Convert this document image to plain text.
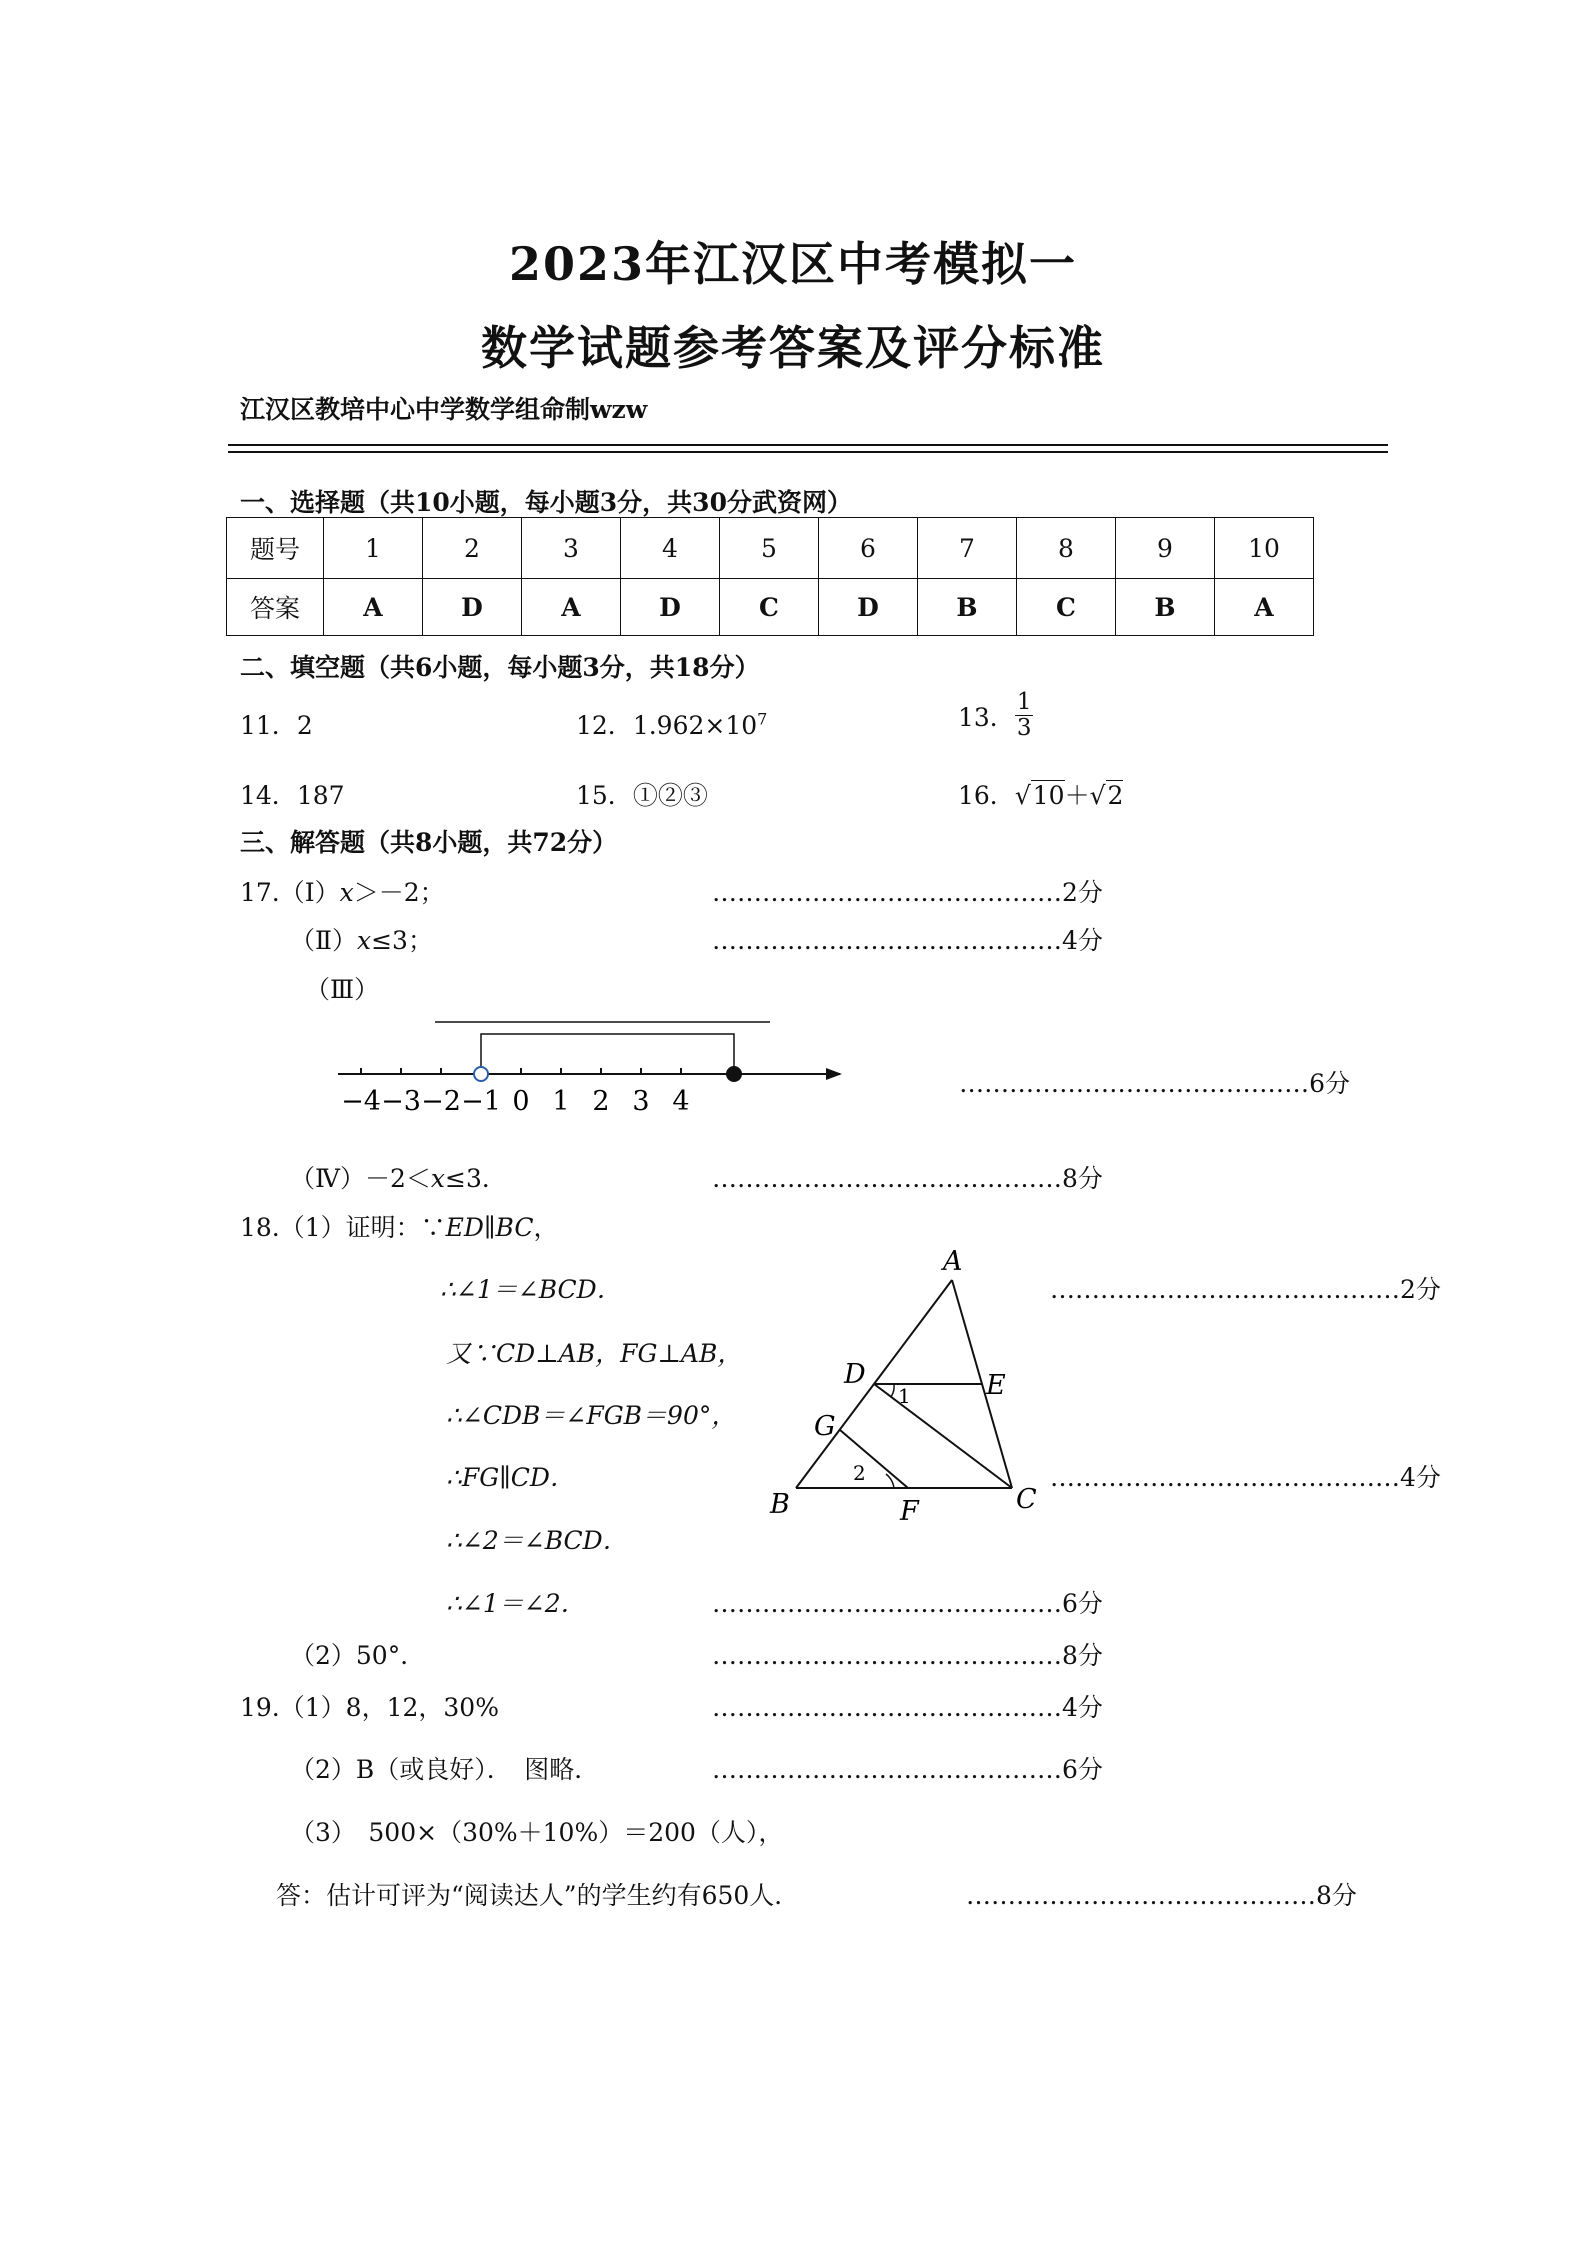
2023年江汉区中考模拟一
数学试题参考答案及评分标准
江汉区教培中心中学数学组命制wzw
一、选择题（共10小题，每小题3分，共30分武资网）
题号	1	2	3	4	5	6	7	8	9	10
答案	A	D	A	D	C	D	B	C	B	A
二、填空题（共6小题，每小题3分，共18分）
11．2	12．$1.962\times 10^7$	13． $\frac{1}{3}$
14．187	15．①②③	16．√10＋√2
三、解答题（共8小题，共72分）
17.（Ⅰ）x＞－2；
（Ⅱ）x≤3；
（Ⅲ）
−4 −3 −2 −1 0 1 2 3 4
（Ⅳ）－2＜x≤3．
18.（1）证明：∵ED∥BC，
∴∠1＝∠BCD．
又∵CD⊥AB，FG⊥AB，
∴∠CDB＝∠FGB＝90°，
∴FG∥CD．
∴∠2＝∠BCD．
∴∠1＝∠2．
（2）50°．
A
B	C
D	E
F
G
1
2
19.（1）8，12，30%
（2）B（或良好）．　图略．
（3）　500×（30%＋10%）＝200（人），
答：估计可评为“阅读达人”的学生约有650人．
……………………………………2分
……………………………………4分
……………………………………6分
……………………………………8分
……………………………………2分
……………………………………4分
……………………………………6分
……………………………………8分
……………………………………4分
……………………………………6分
……………………………………8分
